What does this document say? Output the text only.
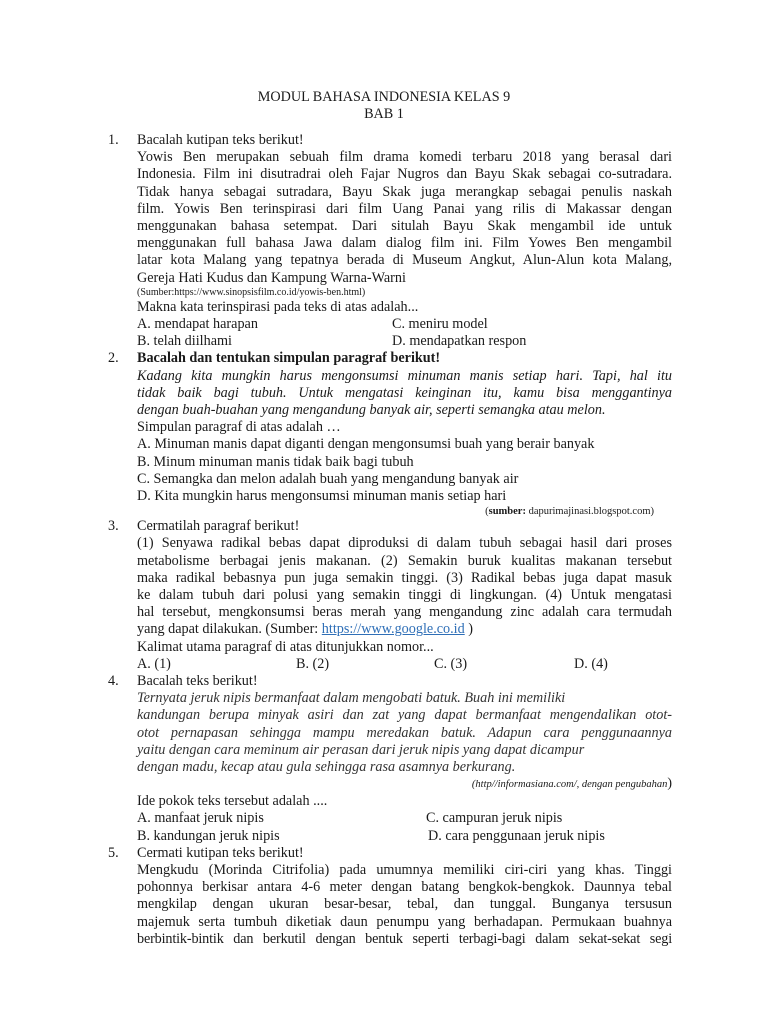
MODUL BAHASA INDONESIA KELAS 9
BAB 1
1. Bacalah kutipan teks berikut!
Yowis Ben merupakan sebuah film drama komedi terbaru 2018 yang berasal dari
Indonesia. Film ini disutradrai oleh Fajar Nugros dan Bayu Skak sebagai co-sutradara.
Tidak hanya sebagai sutradara, Bayu Skak juga merangkap sebagai penulis naskah
film. Yowis Ben terinspirasi dari film Uang Panai yang rilis di Makassar dengan
menggunakan bahasa setempat. Dari situlah Bayu Skak mengambil ide untuk
menggunakan full bahasa Jawa dalam dialog film ini. Film Yowes Ben mengambil
latar kota Malang yang tepatnya berada di Museum Angkut, Alun-Alun kota Malang,
Gereja Hati Kudus dan Kampung Warna-Warni
(Sumber:https://www.sinopsisfilm.co.id/yowis-ben.html)
Makna kata terinspirasi pada teks di atas adalah...
A. mendapat harapan	C. meniru model
B. telah diilhami	D. mendapatkan respon
2. Bacalah dan tentukan simpulan paragraf berikut!
Kadang kita mungkin harus mengonsumsi minuman manis setiap hari. Tapi, hal itu
tidak baik bagi tubuh. Untuk mengatasi keinginan itu, kamu bisa menggantinya
dengan buah-buahan yang mengandung banyak air, seperti semangka atau melon.
Simpulan paragraf di atas adalah …
A. Minuman manis dapat diganti dengan mengonsumsi buah yang berair banyak
B. Minum minuman manis tidak baik bagi tubuh
C. Semangka dan melon adalah buah yang mengandung banyak air
D. Kita mungkin harus mengonsumsi minuman manis setiap hari
(sumber: dapurimajinasi.blogspot.com)
3. Cermatilah paragraf berikut!
(1) Senyawa radikal bebas dapat diproduksi di dalam tubuh sebagai hasil dari proses
metabolisme berbagai jenis makanan. (2) Semakin buruk kualitas makanan tersebut
maka radikal bebasnya pun juga semakin tinggi. (3) Radikal bebas juga dapat masuk
ke dalam tubuh dari polusi yang semakin tinggi di lingkungan. (4) Untuk mengatasi
hal tersebut, mengkonsumsi beras merah yang mengandung zinc adalah cara termudah
yang dapat dilakukan. (Sumber: https://www.google.co.id )
Kalimat utama paragraf di atas ditunjukkan nomor...
A. (1)	B. (2)	C. (3)	D. (4)
4. Bacalah teks berikut!
Ternyata jeruk nipis bermanfaat dalam mengobati batuk. Buah ini memiliki
kandungan berupa minyak asiri dan zat yang dapat bermanfaat mengendalikan otot-
otot pernapasan sehingga mampu meredakan batuk. Adapun cara penggunaannya
yaitu dengan cara meminum air perasan dari jeruk nipis yang dapat dicampur
dengan madu, kecap atau gula sehingga rasa asamnya berkurang.
(http//informasiana.com/, dengan pengubahan)
Ide pokok teks tersebut adalah ....
A. manfaat jeruk nipis	C. campuran jeruk nipis
B. kandungan jeruk nipis	D. cara penggunaan jeruk nipis
5. Cermati kutipan teks berikut!
Mengkudu (Morinda Citrifolia) pada umumnya memiliki ciri-ciri yang khas. Tinggi
pohonnya berkisar antara 4-6 meter dengan batang bengkok-bengkok. Daunnya tebal
mengkilap dengan ukuran besar-besar, tebal, dan tunggal. Bunganya tersusun
majemuk serta tumbuh diketiak daun penumpu yang berhadapan. Permukaan buahnya
berbintik-bintik dan berkutil dengan bentuk seperti terbagi-bagi dalam sekat-sekat segi
